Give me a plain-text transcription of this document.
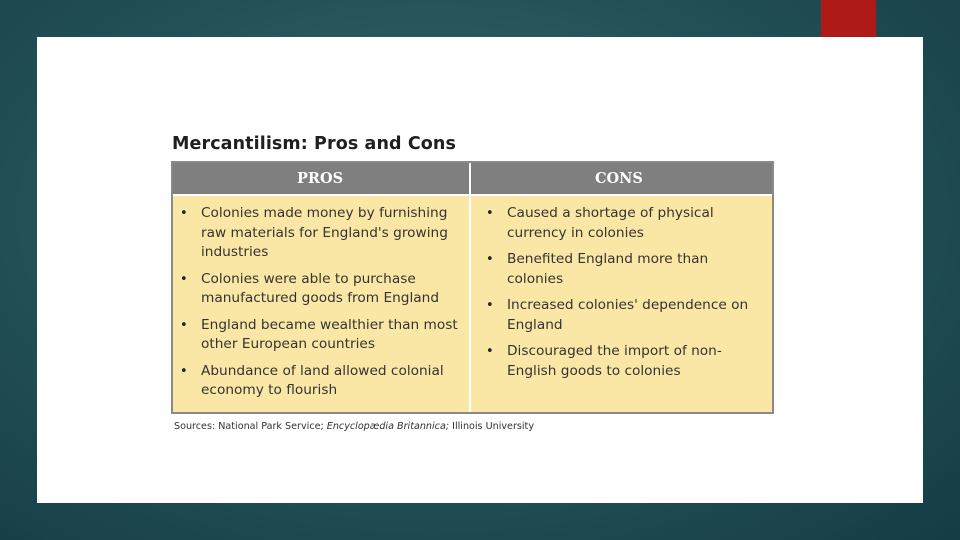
Mercantilism: Pros and Cons
PROS
• Colonies made money by furnishing raw materials for England's growing industries
• Colonies were able to purchase manufactured goods from England
• England became wealthier than most other European countries
• Abundance of land allowed colonial economy to flourish
CONS
• Caused a shortage of physical currency in colonies
• Benefited England more than colonies
• Increased colonies' dependence on England
• Discouraged the import of non-English goods to colonies
Sources: National Park Service; Encyclopædia Britannica; Illinois University
